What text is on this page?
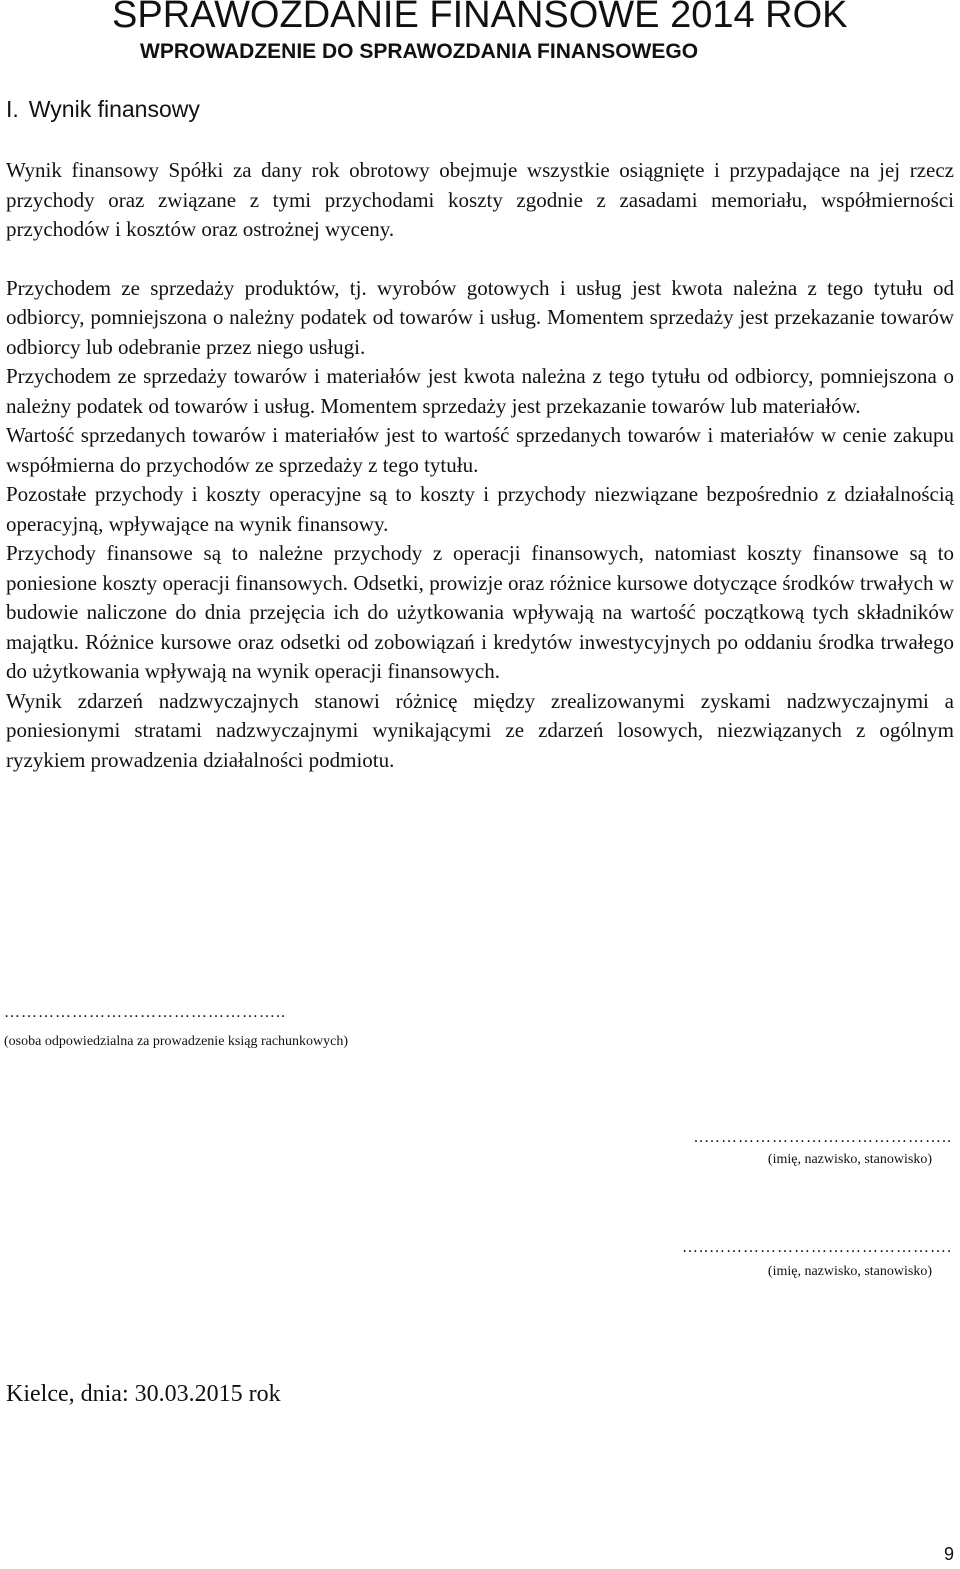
SPRAWOZDANIE FINANSOWE 2014 ROK
WPROWADZENIE DO SPRAWOZDANIA FINANSOWEGO
I. Wynik finansowy

Wynik finansowy Spółki za dany rok obrotowy obejmuje wszystkie osiągnięte i przypadające na jej rzecz przychody oraz związane z tymi przychodami koszty zgodnie z zasadami memoriału, współmierności przychodów i kosztów oraz ostrożnej wyceny.

Przychodem ze sprzedaży produktów, tj. wyrobów gotowych i usług jest kwota należna z tego tytułu od odbiorcy, pomniejszona o należny podatek od towarów i usług. Momentem sprzedaży jest przekazanie towarów odbiorcy lub odebranie przez niego usługi.

Przychodem ze sprzedaży towarów i materiałów jest kwota należna z tego tytułu od odbiorcy, pomniejszona o należny podatek od towarów i usług. Momentem sprzedaży jest przekazanie towarów lub materiałów.

Wartość sprzedanych towarów i materiałów jest to wartość sprzedanych towarów i materiałów w cenie zakupu współmierna do przychodów ze sprzedaży z tego tytułu.

Pozostałe przychody i koszty operacyjne są to koszty i przychody niezwiązane bezpośrednio z działalnością operacyjną, wpływające na wynik finansowy.

Przychody finansowe są to należne przychody z operacji finansowych, natomiast koszty finansowe są to poniesione koszty operacji finansowych. Odsetki, prowizje oraz różnice kursowe dotyczące środków trwałych w budowie naliczone do dnia przejęcia ich do użytkowania wpływają na wartość początkową tych składników majątku. Różnice kursowe oraz odsetki od zobowiązań i kredytów inwestycyjnych po oddaniu środka trwałego do użytkowania wpływają na wynik operacji finansowych.

Wynik zdarzeń nadzwyczajnych stanowi różnicę między zrealizowanymi zyskami nadzwyczajnymi a poniesionymi stratami nadzwyczajnymi wynikającymi ze zdarzeń losowych, niezwiązanych z ogólnym ryzykiem prowadzenia działalności podmiotu.

…………………………………………..
(osoba odpowiedzialna za prowadzenie ksiąg rachunkowych)
..……………………………………..
(imię, nazwisko, stanowisko)
…..…………………………………….
(imię, nazwisko, stanowisko)
Kielce, dnia: 30.03.2015 rok
9
